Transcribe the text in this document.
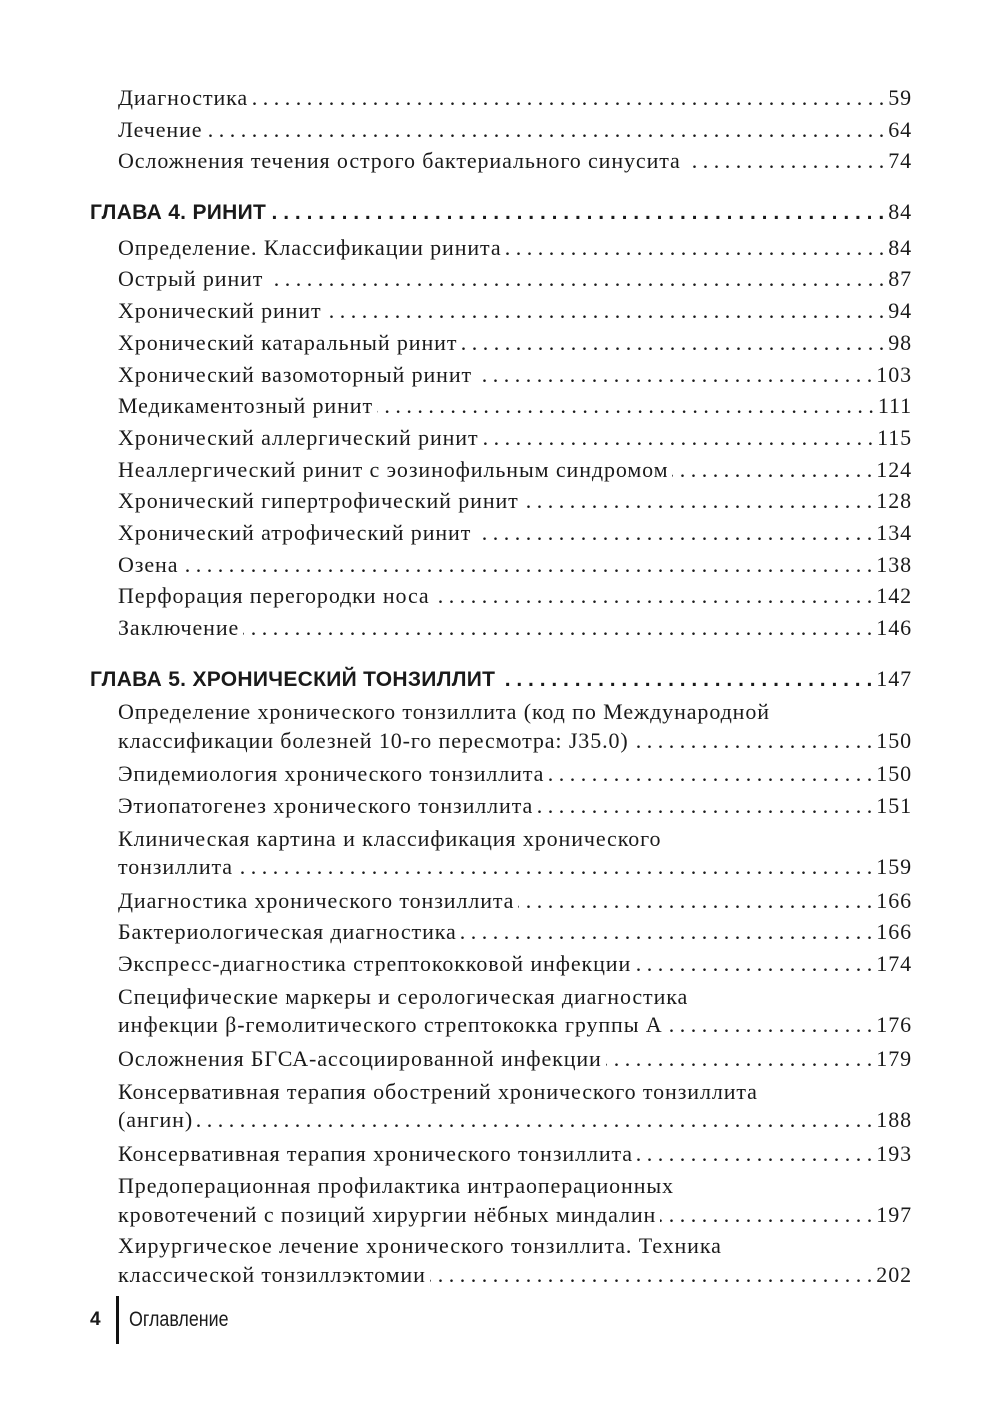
Диагностика . . .	59
Лечение . . .	64
Осложнения течения острого бактериального синусита . . .	74
ГЛАВА 4. РИНИТ . . .	84
Определение. Классификации ринита . . .	84
Острый ринит . . .	87
Хронический ринит . . .	94
Хронический катаральный ринит . . .	98
Хронический вазомоторный ринит . . .	103
Медикаментозный ринит . . .	111
Хронический аллергический ринит . . .	115
Неаллергический ринит с эозинофильным синдромом . . .	124
Хронический гипертрофический ринит . . .	128
Хронический атрофический ринит . . .	134
Озена . . .	138
Перфорация перегородки носа . . .	142
Заключение . . .	146
ГЛАВА 5. ХРОНИЧЕСКИЙ ТОНЗИЛЛИТ . . .	147
Определение хронического тонзиллита (код по Международной
классификации болезней 10-го пересмотра: J35.0) . . .	150
Эпидемиология хронического тонзиллита . . .	150
Этиопатогенез хронического тонзиллита . . .	151
Клиническая картина и классификация хронического
тонзиллита . . .	159
Диагностика хронического тонзиллита . . .	166
Бактериологическая диагностика . . .	166
Экспресс-диагностика стрептококковой инфекции . . .	174
Специфические маркеры и серологическая диагностика
инфекции β-гемолитического стрептококка группы А . . .	176
Осложнения БГСА-ассоциированной инфекции . . .	179
Консервативная терапия обострений хронического тонзиллита
(ангин) . . .	188
Консервативная терапия хронического тонзиллита . . .	193
Предоперационная профилактика интраоперационных
кровотечений с позиций хирургии нёбных миндалин . . .	197
Хирургическое лечение хронического тонзиллита. Техника
классической тонзиллэктомии . . .	202
4	Оглавление
